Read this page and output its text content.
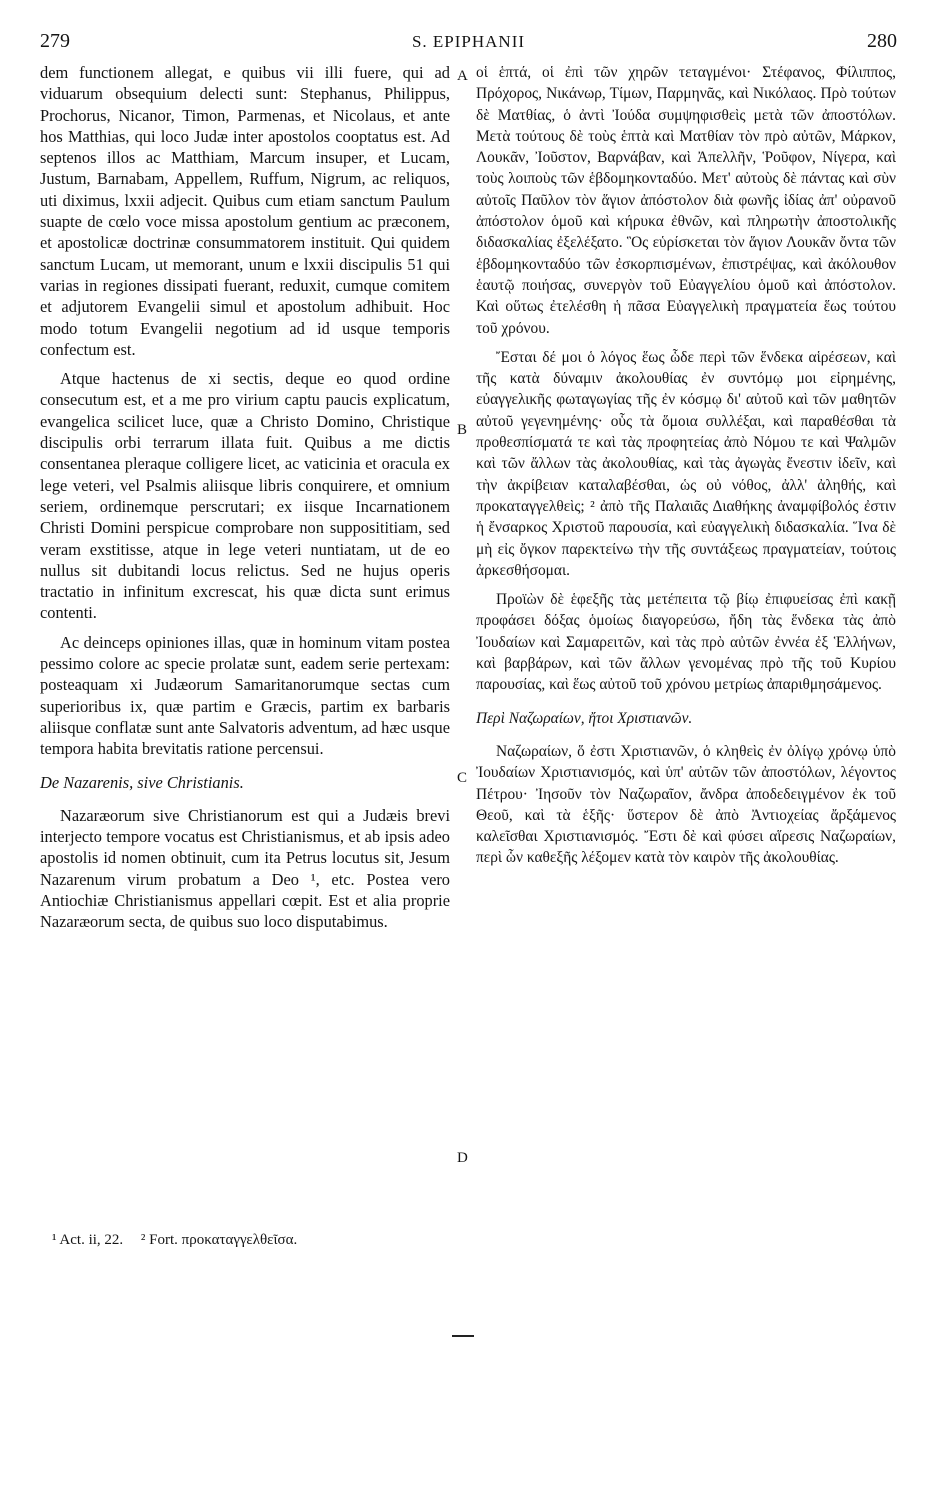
279	S. EPIPHANII	280

dem functionem allegat, e quibus vii illi fuere, qui ad viduarum obsequium delecti sunt: Stephanus, Philippus, Prochorus, Nicanor, Timon, Parmenas, et Nicolaus, et ante hos Matthias, qui loco Judæ inter apostolos cooptatus est. Ad septenos illos ac Matthiam, Marcum insuper, et Lucam, Justum, Barnabam, Appellem, Ruffum, Nigrum, ac reliquos, uti diximus, lxxii adjecit. Quibus cum etiam sanctum Paulum suapte de cœlo voce missa apostolum gentium ac præconem, et apostolicæ doctrinæ consummatorem instituit. Qui quidem sanctum Lucam, ut memorant, unum e lxxii discipulis 51 qui varias in regiones dissipati fuerant, reduxit, cumque comitem et adjutorem Evangelii simul et apostolum adhibuit. Hoc modo totum Evangelii negotium ad id usque temporis confectum est.

Atque hactenus de xi sectis, deque eo quod ordine consecutum est, et a me pro virium captu paucis explicatum, evangelica scilicet luce, quæ a Christo Domino, Christique discipulis orbi terrarum illata fuit. Quibus a me dictis consentanea pleraque colligere licet, ac vaticinia et oracula ex lege veteri, vel Psalmis aliisque libris conquirere, et omnium seriem, ordinemque perscrutari; ex iisque Incarnationem Christi Domini perspicue comprobare non supposititiam, sed veram exstitisse, atque in lege veteri nuntiatam, ut de eo nullus sit dubitandi locus relictus. Sed ne hujus operis tractatio in infinitum excrescat, his quæ dicta sunt erimus contenti.

Ac deinceps opiniones illas, quæ in hominum vitam postea pessimo colore ac specie prolatæ sunt, eadem serie pertexam: posteaquam xi Judæorum Samaritanorumque sectas cum superioribus ix, quæ partim e Græcis, partim ex barbaris aliisque conflatæ sunt ante Salvatoris adventum, ad hæc usque tempora habita brevitatis ratione percensui.

De Nazarenis, sive Christianis.

Nazaræorum sive Christianorum est qui a Judæis brevi interjecto tempore vocatus est Christianismus, et ab ipsis adeo apostolis id nomen obtinuit, cum ita Petrus locutus sit, Jesum Nazarenum virum probatum a Deo ¹, etc. Postea vero Antiochiæ Christianismus appellari cœpit. Est et alia proprie Nazaræorum secta, de quibus suo loco disputabimus.

A
B
C
D

οἱ ἑπτά, οἱ ἐπὶ τῶν χηρῶν τεταγμένοι· Στέφανος, Φίλιππος, Πρόχορος, Νικάνωρ, Τίμων, Παρμηνᾶς, καὶ Νικόλαος. Πρὸ τούτων δὲ Ματθίας, ὁ ἀντὶ Ἰούδα συμψηφισθεὶς μετὰ τῶν ἀποστόλων. Μετὰ τούτους δὲ τοὺς ἑπτὰ καὶ Ματθίαν τὸν πρὸ αὐτῶν, Μάρκον, Λουκᾶν, Ἰοῦστον, Βαρνάβαν, καὶ Ἀπελλῆν, Ῥοῦφον, Νίγερα, καὶ τοὺς λοιποὺς τῶν ἑβδομηκονταδύο. Μετ' αὐτοὺς δὲ πάντας καὶ σὺν αὐτοῖς Παῦλον τὸν ἅγιον ἀπόστολον διὰ φωνῆς ἰδίας ἀπ' οὐρανοῦ ἀπόστολον ὁμοῦ καὶ κήρυκα ἐθνῶν, καὶ πληρωτὴν ἀποστολικῆς διδασκαλίας ἐξελέξατο. Ὃς εὑρίσκεται τὸν ἅγιον Λουκᾶν ὄντα τῶν ἑβδομηκονταδύο τῶν ἐσκορπισμένων, ἐπιστρέψας, καὶ ἀκόλουθον ἑαυτῷ ποιήσας, συνεργὸν τοῦ Εὐαγγελίου ὁμοῦ καὶ ἀπόστολον. Καὶ οὕτως ἐτελέσθη ἡ πᾶσα Εὐαγγελικὴ πραγματεία ἕως τούτου τοῦ χρόνου.

Ἔσται δέ μοι ὁ λόγος ἕως ὧδε περὶ τῶν ἕνδεκα αἱρέσεων, καὶ τῆς κατὰ δύναμιν ἀκολουθίας ἐν συντόμῳ μοι εἰρημένης, εὐαγγελικῆς φωταγωγίας τῆς ἐν κόσμῳ δι' αὐτοῦ καὶ τῶν μαθητῶν αὐτοῦ γεγενημένης· οὗς τὰ ὅμοια συλλέξαι, καὶ παραθέσθαι τὰ προθεσπίσματά τε καὶ τὰς προφητείας ἀπὸ Νόμου τε καὶ Ψαλμῶν καὶ τῶν ἄλλων τὰς ἀκολουθίας, καὶ τὰς ἀγωγὰς ἔνεστιν ἰδεῖν, καὶ τὴν ἀκρίβειαν καταλαβέσθαι, ὡς οὐ νόθος, ἀλλ' ἀληθής, καὶ προκαταγγελθεὶς; ² ἀπὸ τῆς Παλαιᾶς Διαθήκης ἀναμφίβολός ἐστιν ἡ ἔνσαρκος Χριστοῦ παρουσία, καὶ εὐαγγελικὴ διδασκαλία. Ἵνα δὲ μὴ εἰς ὄγκον παρεκτείνω τὴν τῆς συντάξεως πραγματείαν, τούτοις ἀρκεσθήσομαι.

Προϊὼν δὲ ἑφεξῆς τὰς μετέπειτα τῷ βίῳ ἐπιφυείσας ἐπὶ κακῇ προφάσει δόξας ὁμοίως διαγορεύσω, ἤδη τὰς ἕνδεκα τὰς ἀπὸ Ἰουδαίων καὶ Σαμαρειτῶν, καὶ τὰς πρὸ αὐτῶν ἐννέα ἐξ Ἑλλήνων, καὶ βαρβάρων, καὶ τῶν ἄλλων γενομένας πρὸ τῆς τοῦ Κυρίου παρουσίας, καὶ ἕως αὐτοῦ τοῦ χρόνου μετρίως ἀπαριθμησάμενος.

Περὶ Ναζωραίων, ἤτοι Χριστιανῶν.

Ναζωραίων, ὅ ἐστι Χριστιανῶν, ὁ κληθεὶς ἐν ὀλίγῳ χρόνῳ ὑπὸ Ἰουδαίων Χριστιανισμός, καὶ ὑπ' αὐτῶν τῶν ἀποστόλων, λέγοντος Πέτρου· Ἰησοῦν τὸν Ναζωραῖον, ἄνδρα ἀποδεδειγμένον ἐκ τοῦ Θεοῦ, καὶ τὰ ἑξῆς· ὕστερον δὲ ἀπὸ Ἀντιοχείας ἄρξάμενος καλεῖσθαι Χριστιανισμός. Ἔστι δὲ καὶ φύσει αἵρεσις Ναζωραίων, περὶ ὧν καθεξῆς λέξομεν κατὰ τὸν καιρὸν τῆς ἀκολουθίας.

¹ Act. ii, 22. ² Fort. προκαταγγελθεῖσα.
